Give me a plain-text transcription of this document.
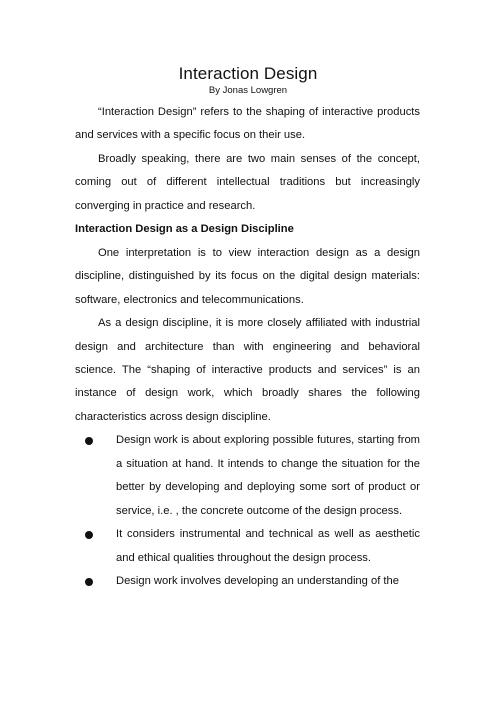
Interaction Design
By Jonas Lowgren

“Interaction Design” refers to the shaping of interactive products and services with a specific focus on their use.

Broadly speaking, there are two main senses of the concept, coming out of different intellectual traditions but increasingly converging in practice and research.

Interaction Design as a Design Discipline

One interpretation is to view interaction design as a design discipline, distinguished by its focus on the digital design materials: software, electronics and telecommunications.

As a design discipline, it is more closely affiliated with industrial design and architecture than with engineering and behavioral science. The “shaping of interactive products and services” is an instance of design work, which broadly shares the following characteristics across design discipline.

Design work is about exploring possible futures, starting from a situation at hand. It intends to change the situation for the better by developing and deploying some sort of product or service, i.e. , the concrete outcome of the design process.
It considers instrumental and technical as well as aesthetic and ethical qualities throughout the design process.
Design work involves developing an understanding of the
